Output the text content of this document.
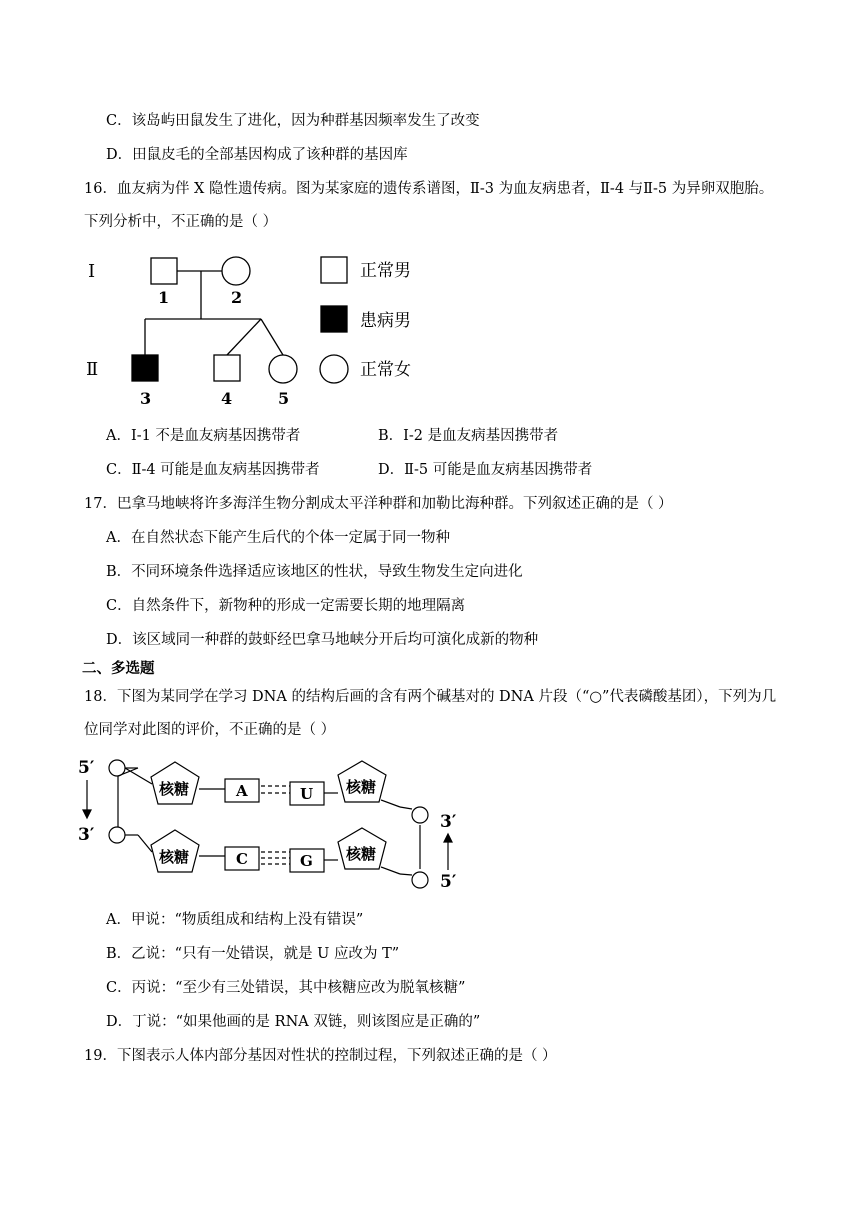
C．该岛屿田鼠发生了进化，因为种群基因频率发生了改变
D．田鼠皮毛的全部基因构成了该种群的基因库
16．血友病为伴 X 隐性遗传病。图为某家庭的遗传系谱图，Ⅱ-3 为血友病患者，Ⅱ-4 与Ⅱ-5 为异卵双胞胎。
下列分析中，不正确的是（ ）
Ⅰ
Ⅱ
1	2
3	4	5
正常男
患病男
正常女
A．Ⅰ-1 不是血友病基因携带者	B．Ⅰ-2 是血友病基因携带者
C．Ⅱ-4 可能是血友病基因携带者	D．Ⅱ-5 可能是血友病基因携带者
17．巴拿马地峡将许多海洋生物分割成太平洋种群和加勒比海种群。下列叙述正确的是（ ）
A．在自然状态下能产生后代的个体一定属于同一物种
B．不同环境条件选择适应该地区的性状，导致生物发生定向进化
C．自然条件下，新物种的形成一定需要长期的地理隔离
D．该区域同一种群的鼓虾经巴拿马地峡分开后均可演化成新的物种
二、多选题
18．下图为某同学在学习 DNA 的结构后画的含有两个碱基对的 DNA 片段（“○”代表磷酸基团），下列为几
位同学对此图的评价，不正确的是（ ）
5′
3′
3′
5′
核糖
核糖
核糖
核糖
A	U
C	G
A．甲说：“物质组成和结构上没有错误”
B．乙说：“只有一处错误，就是 U 应改为 T”
C．丙说：“至少有三处错误，其中核糖应改为脱氧核糖”
D．丁说：“如果他画的是 RNA 双链，则该图应是正确的”
19．下图表示人体内部分基因对性状的控制过程，下列叙述正确的是（ ）
